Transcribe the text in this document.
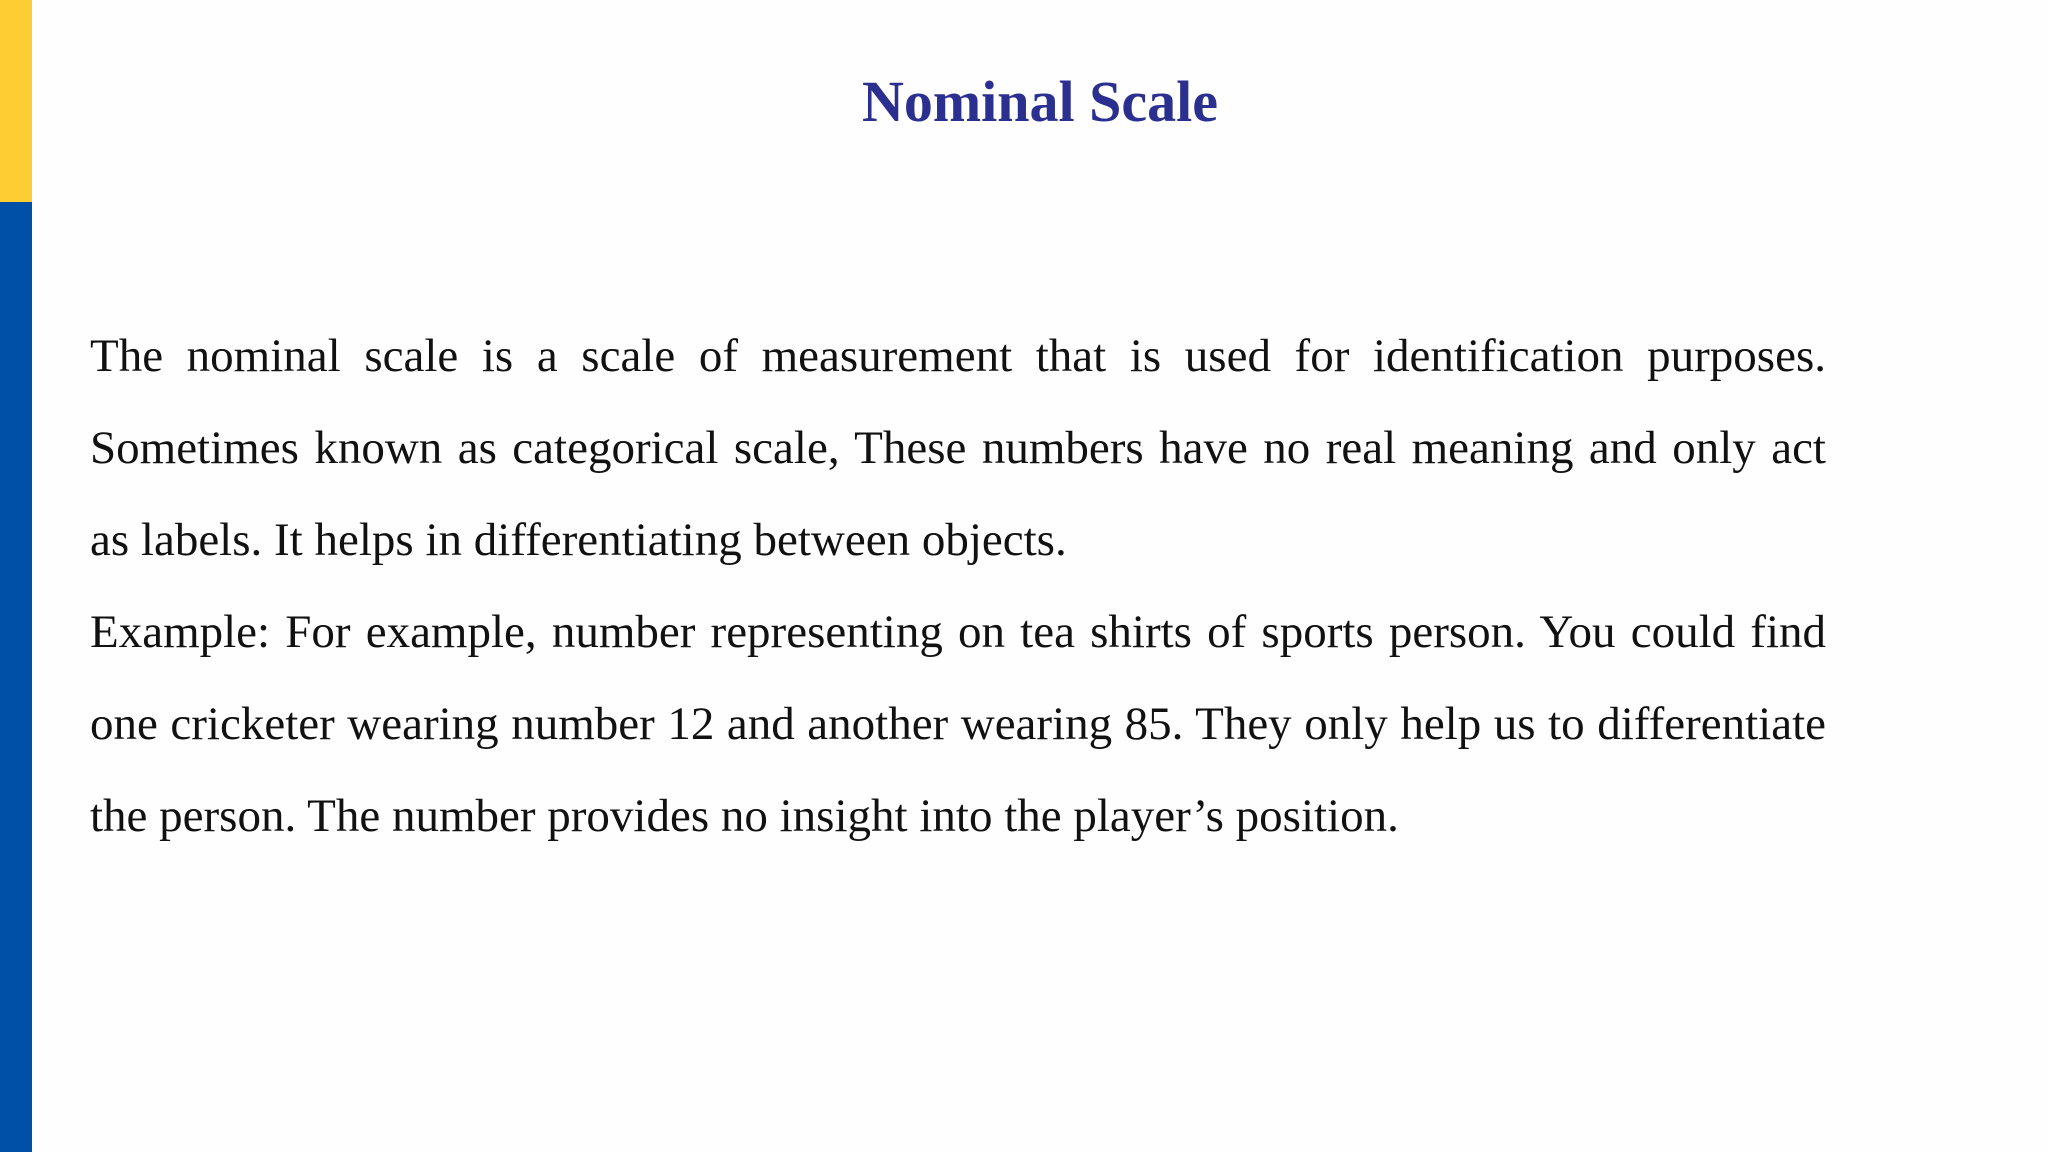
Nominal Scale

The nominal scale is a scale of measurement that is used for identification purposes. Sometimes known as categorical scale, These numbers have no real meaning and only act as labels. It helps in differentiating between objects.

Example: For example, number representing on tea shirts of sports person. You could find one cricketer wearing number 12 and another wearing 85. They only help us to differentiate the person. The number provides no insight into the player’s position.
